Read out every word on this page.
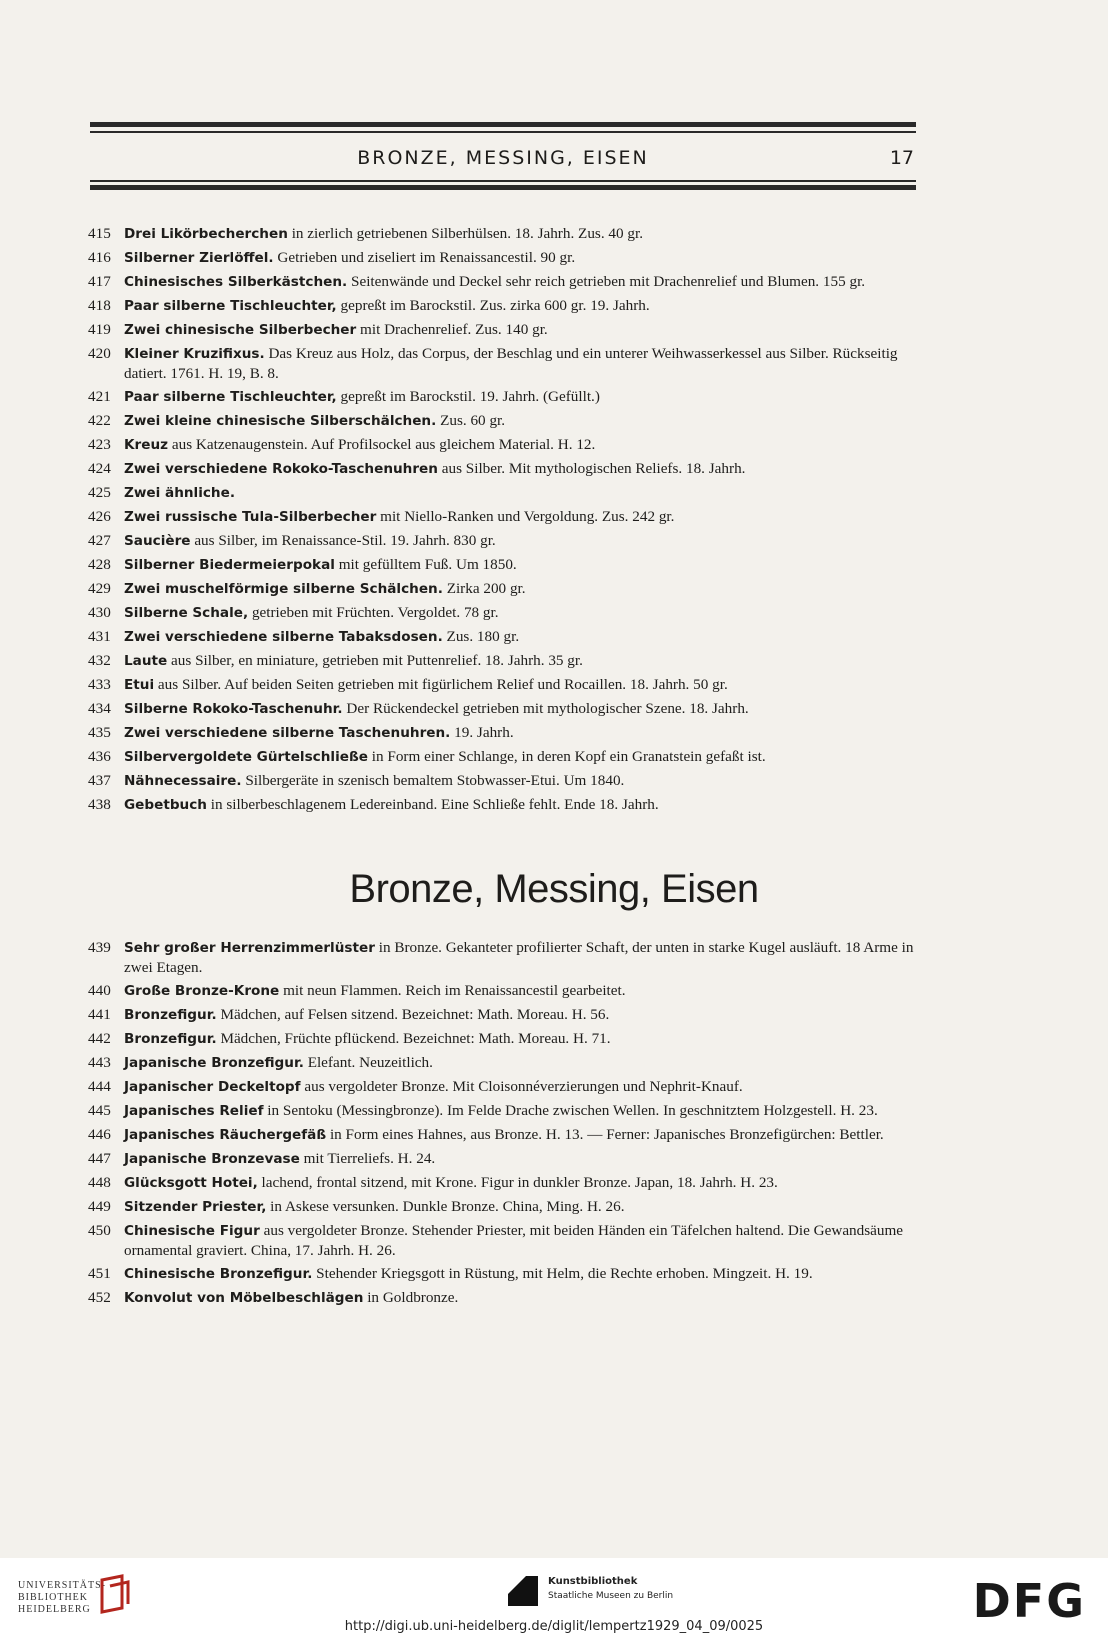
BRONZE, MESSING, EISEN	17
415 Drei Likörbecherchen in zierlich getriebenen Silberhülsen. 18. Jahrh. Zus. 40 gr.
416 Silberner Zierlöffel. Getrieben und ziseliert im Renaissancestil. 90 gr.
417 Chinesisches Silberkästchen. Seitenwände und Deckel sehr reich getrieben mit Drachenrelief und Blumen. 155 gr.
418 Paar silberne Tischleuchter, gepreßt im Barockstil. Zus. zirka 600 gr. 19. Jahrh.
419 Zwei chinesische Silberbecher mit Drachenrelief. Zus. 140 gr.
420 Kleiner Kruzifixus. Das Kreuz aus Holz, das Corpus, der Beschlag und ein unterer Weihwasserkessel aus Silber. Rückseitig datiert. 1761. H. 19, B. 8.
421 Paar silberne Tischleuchter, gepreßt im Barockstil. 19. Jahrh. (Gefüllt.)
422 Zwei kleine chinesische Silberschälchen. Zus. 60 gr.
423 Kreuz aus Katzenaugenstein. Auf Profilsockel aus gleichem Material. H. 12.
424 Zwei verschiedene Rokoko-Taschenuhren aus Silber. Mit mythologischen Reliefs. 18. Jahrh.
425 Zwei ähnliche.
426 Zwei russische Tula-Silberbecher mit Niello-Ranken und Vergoldung. Zus. 242 gr.
427 Saucière aus Silber, im Renaissance-Stil. 19. Jahrh. 830 gr.
428 Silberner Biedermeierpokal mit gefülltem Fuß. Um 1850.
429 Zwei muschelförmige silberne Schälchen. Zirka 200 gr.
430 Silberne Schale, getrieben mit Früchten. Vergoldet. 78 gr.
431 Zwei verschiedene silberne Tabaksdosen. Zus. 180 gr.
432 Laute aus Silber, en miniature, getrieben mit Puttenrelief. 18. Jahrh. 35 gr.
433 Etui aus Silber. Auf beiden Seiten getrieben mit figürlichem Relief und Rocaillen. 18. Jahrh. 50 gr.
434 Silberne Rokoko-Taschenuhr. Der Rückendeckel getrieben mit mythologischer Szene. 18. Jahrh.
435 Zwei verschiedene silberne Taschenuhren. 19. Jahrh.
436 Silbervergoldete Gürtelschließe in Form einer Schlange, in deren Kopf ein Granatstein gefaßt ist.
437 Nähnecessaire. Silbergeräte in szenisch bemaltem Stobwasser-Etui. Um 1840.
438 Gebetbuch in silberbeschlagenem Ledereinband. Eine Schließe fehlt. Ende 18. Jahrh.
Bronze, Messing, Eisen
439 Sehr großer Herrenzimmerlüster in Bronze. Gekanteter profilierter Schaft, der unten in starke Kugel ausläuft. 18 Arme in zwei Etagen.
440 Große Bronze-Krone mit neun Flammen. Reich im Renaissancestil gearbeitet.
441 Bronzefigur. Mädchen, auf Felsen sitzend. Bezeichnet: Math. Moreau. H. 56.
442 Bronzefigur. Mädchen, Früchte pflückend. Bezeichnet: Math. Moreau. H. 71.
443 Japanische Bronzefigur. Elefant. Neuzeitlich.
444 Japanischer Deckeltopf aus vergoldeter Bronze. Mit Cloisonnéverzierungen und Nephrit-Knauf.
445 Japanisches Relief in Sentoku (Messingbronze). Im Felde Drache zwischen Wellen. In geschnitztem Holzgestell. H. 23.
446 Japanisches Räuchergefäß in Form eines Hahnes, aus Bronze. H. 13. — Ferner: Japanisches Bronzefigürchen: Bettler.
447 Japanische Bronzevase mit Tierreliefs. H. 24.
448 Glücksgott Hotei, lachend, frontal sitzend, mit Krone. Figur in dunkler Bronze. Japan, 18. Jahrh. H. 23.
449 Sitzender Priester, in Askese versunken. Dunkle Bronze. China, Ming. H. 26.
450 Chinesische Figur aus vergoldeter Bronze. Stehender Priester, mit beiden Händen ein Täfelchen haltend. Die Gewandsäume ornamental graviert. China, 17. Jahrh. H. 26.
451 Chinesische Bronzefigur. Stehender Kriegsgott in Rüstung, mit Helm, die Rechte erhoben. Mingzeit. H. 19.
452 Konvolut von Möbelbeschlägen in Goldbronze.
UNIVERSITÄTS-
BIBLIOTHEK
HEIDELBERG
Kunstbibliothek
Staatliche Museen zu Berlin	DFG
http://digi.ub.uni-heidelberg.de/diglit/lempertz1929_04_09/0025
